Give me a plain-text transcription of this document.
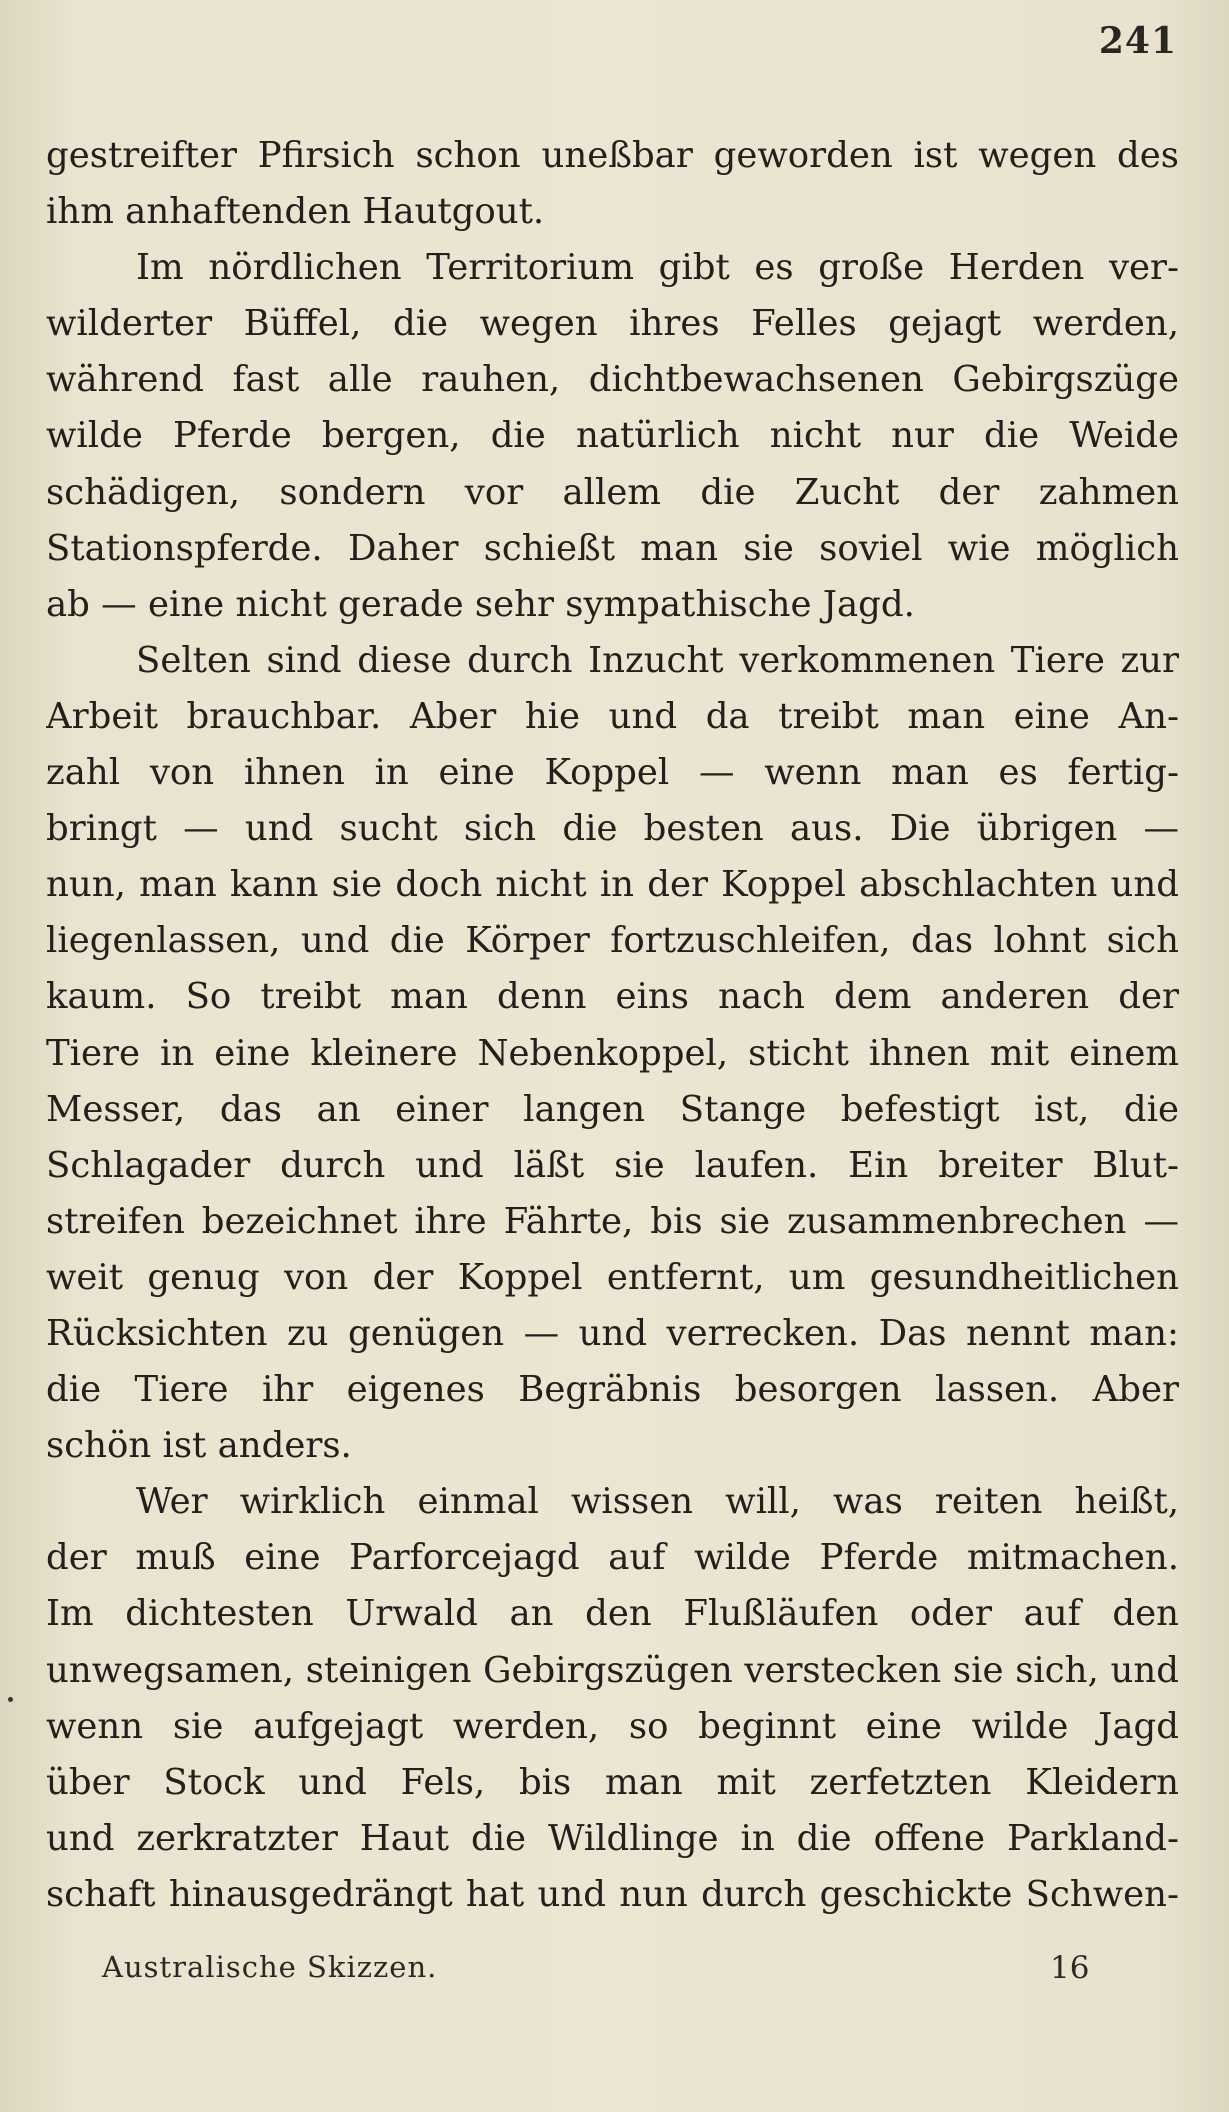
241
gestreifter Pfirsich schon uneßbar geworden ist wegen des
ihm anhaftenden Hautgout.
Im nördlichen Territorium gibt es große Herden ver-
wilderter Büffel, die wegen ihres Felles gejagt werden,
während fast alle rauhen, dichtbewachsenen Gebirgszüge
wilde Pferde bergen, die natürlich nicht nur die Weide
schädigen, sondern vor allem die Zucht der zahmen
Stationspferde. Daher schießt man sie soviel wie möglich
ab — eine nicht gerade sehr sympathische Jagd.
Selten sind diese durch Inzucht verkommenen Tiere zur
Arbeit brauchbar. Aber hie und da treibt man eine An-
zahl von ihnen in eine Koppel — wenn man es fertig-
bringt — und sucht sich die besten aus. Die übrigen —
nun, man kann sie doch nicht in der Koppel abschlachten und
liegenlassen, und die Körper fortzuschleifen, das lohnt sich
kaum. So treibt man denn eins nach dem anderen der
Tiere in eine kleinere Nebenkoppel, sticht ihnen mit einem
Messer, das an einer langen Stange befestigt ist, die
Schlagader durch und läßt sie laufen. Ein breiter Blut-
streifen bezeichnet ihre Fährte, bis sie zusammenbrechen —
weit genug von der Koppel entfernt, um gesundheitlichen
Rücksichten zu genügen — und verrecken. Das nennt man:
die Tiere ihr eigenes Begräbnis besorgen lassen. Aber
schön ist anders.
Wer wirklich einmal wissen will, was reiten heißt,
der muß eine Parforcejagd auf wilde Pferde mitmachen.
Im dichtesten Urwald an den Flußläufen oder auf den
unwegsamen, steinigen Gebirgszügen verstecken sie sich, und
wenn sie aufgejagt werden, so beginnt eine wilde Jagd
über Stock und Fels, bis man mit zerfetzten Kleidern
und zerkratzter Haut die Wildlinge in die offene Parkland-
schaft hinausgedrängt hat und nun durch geschickte Schwen-
Australische Skizzen.	16
